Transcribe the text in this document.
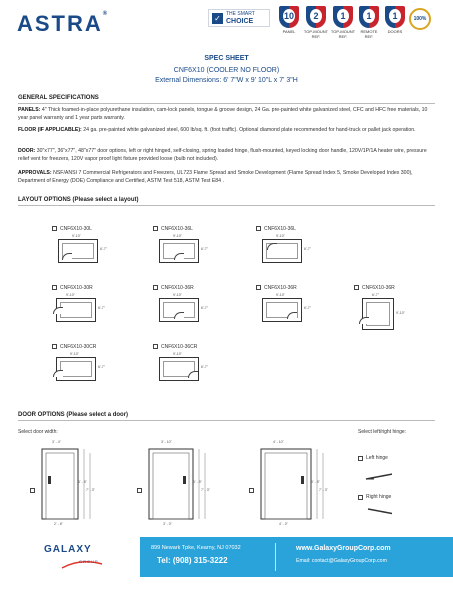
ASTRA®	✓	THE SMART
CHOICE
10
PANEL
2
TOP-MOUNT REF.
1
TOP-MOUNT REF.
1
REMOTE REF.
1
DOORS
100%
SPEC SHEET
CNF6X10 (COOLER NO FLOOR)
External Dimensions: 6' 7"W x 9' 10"L x 7' 3"H
GENERAL SPECIFICATIONS
PANELS: 4" Thick foamed-in-place polyurethane insulation, cam-lock panels, tongue & groove design, 24 Ga. pre-painted white galvanized steel, CFC and HFC free materials, 10 year panel warranty and 1 year parts warranty.
FLOOR (IF APPLICABLE): 24 ga. pre-painted white galvanized steel, 600 lb/sq. ft. (foot traffic). Optional diamond plate recommended for hand-truck or pallet jack operation.
DOOR: 30"x77", 36"x77", 48"x77" door options, left or right hinged, self-closing, spring loaded hinge, flush-mounted, keyed locking door handle, 120V/1P/1A heater wire, pressure relief vent for freezers, 120V vapor proof light fixture provided loose (bulb not included).
APPROVALS: NSF/ANSI 7 Commercial Refrigerators and Freezers, UL723 Flame Spread and Smoke Development (Flame Spread Index 5, Smoke Developed Index 300), Department of Energy (DOE) Compliance and Certified, ASTM Test 518, ASTM Test E84 .
LAYOUT OPTIONS (Please select a layout)
CNF6X10-30L
9'-10"
6'-7"
CNF6X10-36L
9'-10"
6'-7"
CNF6X10-36L
9'-10"
6'-7"
CNF6X10-30R
9'-10"
6'-7"
CNF6X10-36R
9'-10"
6'-7"
CNF6X10-36R
9'-10"
6'-7"
CNF6X10-36R
6'-7"
9'-10"
CNF6X10-30CR
9'-10"
6'-7"
CNF6X10-36CR
9'-10"
6'-7"
DOOR OPTIONS (Please select a door)
Select door width:	Select left/right hinge:
3' - 4"
6' - 5"
7' - 3"
2' - 6"
3' - 10"
6' - 5"
7' - 3"
3' - 0"
4' - 10"
6' - 5"
7' - 3"
4' - 0"
Left hinge
Right hinge
GALAXY
GROUP
899 Newark Tpke, Kearny, NJ 07032
Tel: (908) 315-3222
www.GalaxyGroupCorp.com
Email: contact@GalaxyGroupCorp.com
